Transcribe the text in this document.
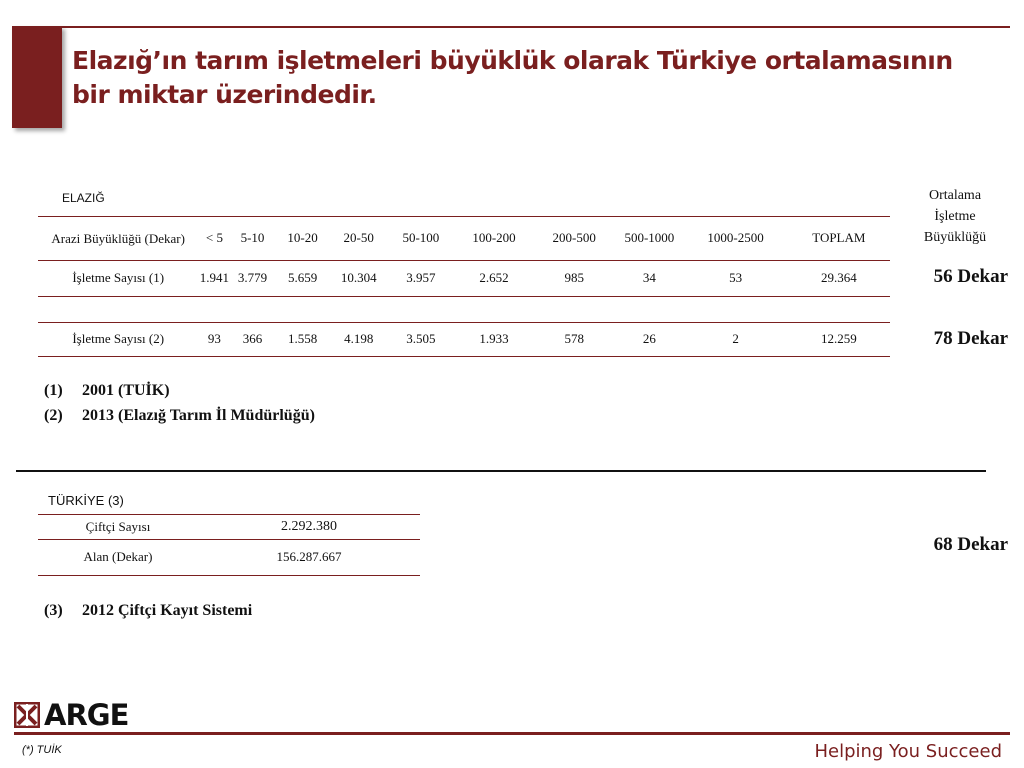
Elazığ’ın tarım işletmeleri büyüklük olarak Türkiye ortalamasının bir miktar üzerindedir.
ELAZIĞ										
Arazi Büyüklüğü (Dekar)	< 5	5-10	10-20	20-50	50-100	100-200	200-500	500-1000	1000-2500	TOPLAM
İşletme Sayısı (1)	1.941	3.779	5.659	10.304	3.957	2.652	985	34	53	29.364

İşletme Sayısı (2)	93	366	1.558	4.198	3.505	1.933	578	26	2	12.259
Ortalama İşletme Büyüklüğü
56 Dekar
78 Dekar
(1) 2001 (TUİK)
(2) 2013 (Elazığ Tarım İl Müdürlüğü)
TÜRKİYE (3)	
Çiftçi Sayısı	2.292.380
Alan (Dekar)	156.287.667
68 Dekar
(3) 2012 Çiftçi Kayıt Sistemi
ARGE
(*) TUİK	Helping You Succeed
